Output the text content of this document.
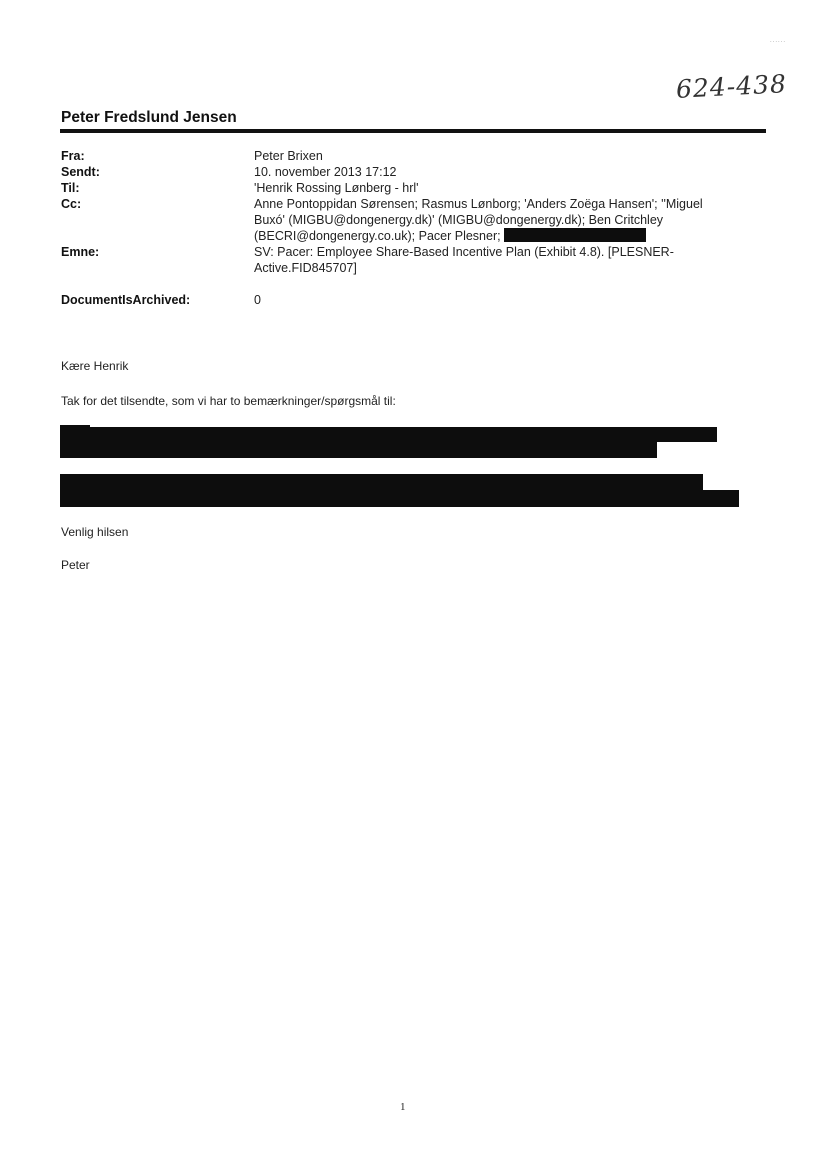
......
624-438
Peter Fredslund Jensen
Fra:	Peter Brixen
Sendt:	10. november 2013 17:12
Til:	'Henrik Rossing Lønberg - hrl'
Cc:	Anne Pontoppidan Sørensen; Rasmus Lønborg; 'Anders Zoëga Hansen'; ''Miguel
Buxó' (MIGBU@dongenergy.dk)' (MIGBU@dongenergy.dk); Ben Critchley
(BECRI@dongenergy.co.uk); Pacer Plesner;
Emne:	SV: Pacer: Employee Share-Based Incentive Plan (Exhibit 4.8). [PLESNER-
Active.FID845707]
DocumentIsArchived:	0
Kære Henrik
Tak for det tilsendte, som vi har to bemærkninger/spørgsmål til:
Venlig hilsen
Peter
1
